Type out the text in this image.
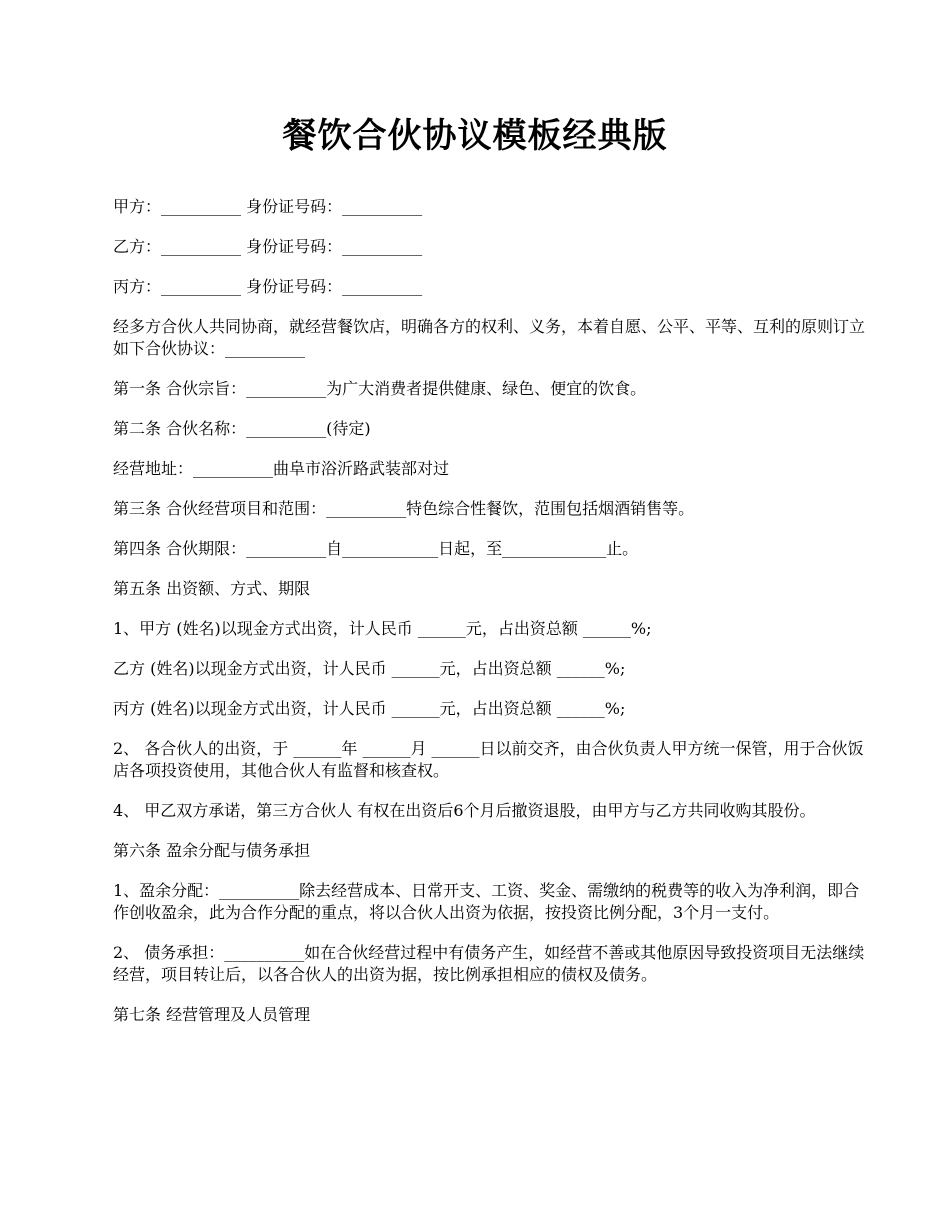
餐饮合伙协议模板经典版

甲方：__________ 身份证号码：__________

乙方：__________ 身份证号码：__________

丙方：__________ 身份证号码：__________

经多方合伙人共同协商，就经营餐饮店，明确各方的权利、义务，本着自愿、公平、平等、互利的原则订立如下合伙协议：__________

第一条 合伙宗旨：__________为广大消费者提供健康、绿色、便宜的饮食。

第二条 合伙名称：__________(待定)

经营地址：__________曲阜市浴沂路武装部对过

第三条 合伙经营项目和范围：__________特色综合性餐饮，范围包括烟酒销售等。

第四条 合伙期限：__________自____________日起，至_____________止。

第五条 出资额、方式、期限

1、甲方 (姓名)以现金方式出资，计人民币 ______元，占出资总额 ______%;

乙方 (姓名)以现金方式出资，计人民币 ______元，占出资总额 ______%;

丙方 (姓名)以现金方式出资，计人民币 ______元，占出资总额 ______%;

2、 各合伙人的出资，于 ______年 ______月 ______日以前交齐，由合伙负责人甲方统一保管，用于合伙饭店各项投资使用，其他合伙人有监督和核查权。

4、 甲乙双方承诺，第三方合伙人 有权在出资后6个月后撤资退股，由甲方与乙方共同收购其股份。

第六条 盈余分配与债务承担

1、盈余分配：__________除去经营成本、日常开支、工资、奖金、需缴纳的税费等的收入为净利润，即合作创收盈余，此为合作分配的重点，将以合伙人出资为依据，按投资比例分配，3个月一支付。

2、 债务承担：__________如在合伙经营过程中有债务产生，如经营不善或其他原因导致投资项目无法继续经营，项目转让后，以各合伙人的出资为据，按比例承担相应的债权及债务。

第七条 经营管理及人员管理
